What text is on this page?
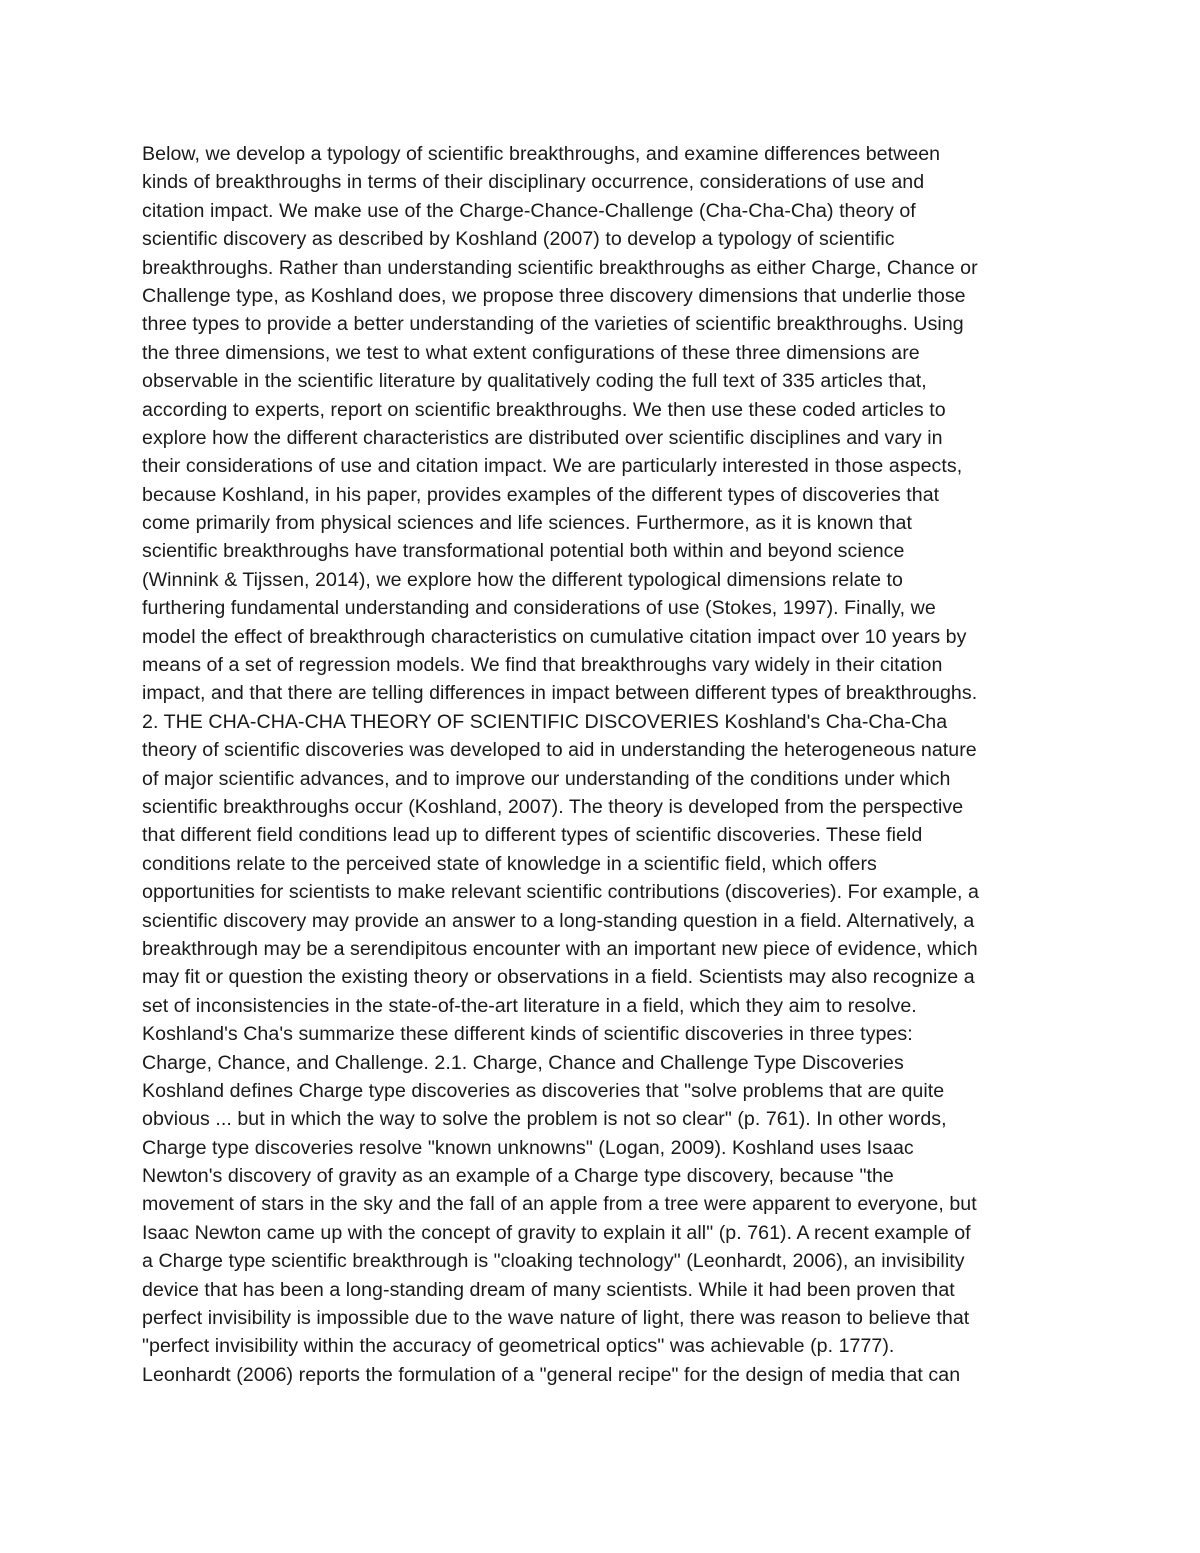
Below, we develop a typology of scientific breakthroughs, and examine differences between
kinds of breakthroughs in terms of their disciplinary occurrence, considerations of use and
citation impact. We make use of the Charge-Chance-Challenge (Cha-Cha-Cha) theory of
scientific discovery as described by Koshland (2007) to develop a typology of scientific
breakthroughs. Rather than understanding scientific breakthroughs as either Charge, Chance or
Challenge type, as Koshland does, we propose three discovery dimensions that underlie those
three types to provide a better understanding of the varieties of scientific breakthroughs. Using
the three dimensions, we test to what extent configurations of these three dimensions are
observable in the scientific literature by qualitatively coding the full text of 335 articles that,
according to experts, report on scientific breakthroughs. We then use these coded articles to
explore how the different characteristics are distributed over scientific disciplines and vary in
their considerations of use and citation impact. We are particularly interested in those aspects,
because Koshland, in his paper, provides examples of the different types of discoveries that
come primarily from physical sciences and life sciences. Furthermore, as it is known that
scientific breakthroughs have transformational potential both within and beyond science
(Winnink & Tijssen, 2014), we explore how the different typological dimensions relate to
furthering fundamental understanding and considerations of use (Stokes, 1997). Finally, we
model the effect of breakthrough characteristics on cumulative citation impact over 10 years by
means of a set of regression models. We find that breakthroughs vary widely in their citation
impact, and that there are telling differences in impact between different types of breakthroughs.
2. THE CHA-CHA-CHA THEORY OF SCIENTIFIC DISCOVERIES Koshland's Cha-Cha-Cha
theory of scientific discoveries was developed to aid in understanding the heterogeneous nature
of major scientific advances, and to improve our understanding of the conditions under which
scientific breakthroughs occur (Koshland, 2007). The theory is developed from the perspective
that different field conditions lead up to different types of scientific discoveries. These field
conditions relate to the perceived state of knowledge in a scientific field, which offers
opportunities for scientists to make relevant scientific contributions (discoveries). For example, a
scientific discovery may provide an answer to a long-standing question in a field. Alternatively, a
breakthrough may be a serendipitous encounter with an important new piece of evidence, which
may fit or question the existing theory or observations in a field. Scientists may also recognize a
set of inconsistencies in the state-of-the-art literature in a field, which they aim to resolve.
Koshland's Cha's summarize these different kinds of scientific discoveries in three types:
Charge, Chance, and Challenge. 2.1. Charge, Chance and Challenge Type Discoveries
Koshland defines Charge type discoveries as discoveries that "solve problems that are quite
obvious ... but in which the way to solve the problem is not so clear" (p. 761). In other words,
Charge type discoveries resolve "known unknowns" (Logan, 2009). Koshland uses Isaac
Newton's discovery of gravity as an example of a Charge type discovery, because "the
movement of stars in the sky and the fall of an apple from a tree were apparent to everyone, but
Isaac Newton came up with the concept of gravity to explain it all" (p. 761). A recent example of
a Charge type scientific breakthrough is "cloaking technology" (Leonhardt, 2006), an invisibility
device that has been a long-standing dream of many scientists. While it had been proven that
perfect invisibility is impossible due to the wave nature of light, there was reason to believe that
"perfect invisibility within the accuracy of geometrical optics" was achievable (p. 1777).
Leonhardt (2006) reports the formulation of a "general recipe" for the design of media that can
